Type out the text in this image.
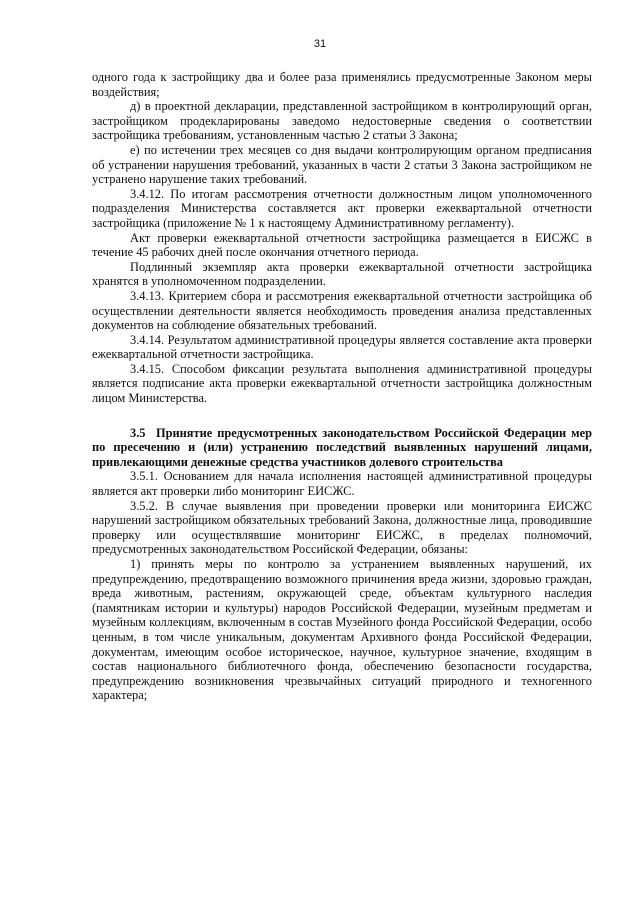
31

одного года к застройщику два и более раза применялись предусмотренные Законом меры воздействия;

д) в проектной декларации, представленной застройщиком в контролирующий орган, застройщиком продекларированы заведомо недостоверные сведения о соответствии застройщика требованиям, установленным частью 2 статьи 3 Закона;

е) по истечении трех месяцев со дня выдачи контролирующим органом предписания об устранении нарушения требований, указанных в части 2 статьи 3 Закона застройщиком не устранено нарушение таких требований.

3.4.12. По итогам рассмотрения отчетности должностным лицом уполномоченного подразделения Министерства составляется акт проверки ежеквартальной отчетности застройщика (приложение № 1 к настоящему Административному регламенту).

Акт проверки ежеквартальной отчетности застройщика размещается в ЕИСЖС в течение 45 рабочих дней после окончания отчетного периода.

Подлинный экземпляр акта проверки ежеквартальной отчетности застройщика хранятся в уполномоченном подразделении.

3.4.13. Критерием сбора и рассмотрения ежеквартальной отчетности застройщика об осуществлении деятельности является необходимость проведения анализа представленных документов на соблюдение обязательных требований.

3.4.14. Результатом административной процедуры является составление акта проверки ежеквартальной отчетности застройщика.

3.4.15. Способом фиксации результата выполнения административной процедуры является подписание акта проверки ежеквартальной отчетности застройщика должностным лицом Министерства.

3.5 Принятие предусмотренных законодательством Российской Федерации мер по пресечению и (или) устранению последствий выявленных нарушений лицами, привлекающими денежные средства участников долевого строительства

3.5.1. Основанием для начала исполнения настоящей административной процедуры является акт проверки либо мониторинг ЕИСЖС.

3.5.2. В случае выявления при проведении проверки или мониторинга ЕИСЖС нарушений застройщиком обязательных требований Закона, должностные лица, проводившие проверку или осуществлявшие мониторинг ЕИСЖС, в пределах полномочий, предусмотренных законодательством Российской Федерации, обязаны:

1) принять меры по контролю за устранением выявленных нарушений, их предупреждению, предотвращению возможного причинения вреда жизни, здоровью граждан, вреда животным, растениям, окружающей среде, объектам культурного наследия (памятникам истории и культуры) народов Российской Федерации, музейным предметам и музейным коллекциям, включенным в состав Музейного фонда Российской Федерации, особо ценным, в том числе уникальным, документам Архивного фонда Российской Федерации, документам, имеющим особое историческое, научное, культурное значение, входящим в состав национального библиотечного фонда, обеспечению безопасности государства, предупреждению возникновения чрезвычайных ситуаций природного и техногенного характера;
